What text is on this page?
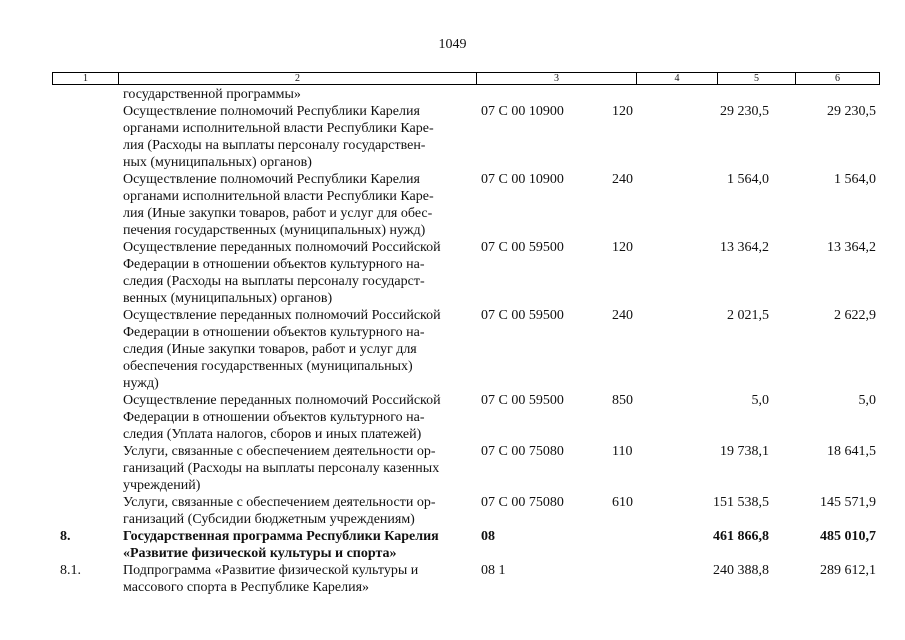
1049
1	2	3	4	5	6
государственной программы»
Осуществление полномочий Республики Карелия
органами исполнительной власти Республики Каре-
лия (Расходы на выплаты персоналу государствен-
ных (муниципальных) органов)
07 С 00 10900	120	29 230,5	29 230,5
Осуществление полномочий Республики Карелия
органами исполнительной власти Республики Каре-
лия (Иные закупки товаров, работ и услуг для обес-
печения государственных (муниципальных) нужд)
07 С 00 10900	240	1 564,0	1 564,0
Осуществление переданных полномочий Российской
Федерации в отношении объектов культурного на-
следия (Расходы на выплаты персоналу государст-
венных (муниципальных) органов)
07 С 00 59500	120	13 364,2	13 364,2
Осуществление переданных полномочий Российской
Федерации в отношении объектов культурного на-
следия (Иные закупки товаров, работ и услуг для
обеспечения государственных (муниципальных)
нужд)
07 С 00 59500	240	2 021,5	2 622,9
Осуществление переданных полномочий Российской
Федерации в отношении объектов культурного на-
следия (Уплата налогов, сборов и иных платежей)
07 С 00 59500	850	5,0	5,0
Услуги, связанные с обеспечением деятельности ор-
ганизаций (Расходы на выплаты персоналу казенных
учреждений)
07 С 00 75080	110	19 738,1	18 641,5
Услуги, связанные с обеспечением деятельности ор-
ганизаций (Субсидии бюджетным учреждениям)
07 С 00 75080	610	151 538,5	145 571,9
8.	Государственная программа Республики Карелия
«Развитие физической культуры и спорта»
08	461 866,8	485 010,7
8.1.	Подпрограмма «Развитие физической культуры и
массового спорта в Республике Карелия»
08 1	240 388,8	289 612,1
